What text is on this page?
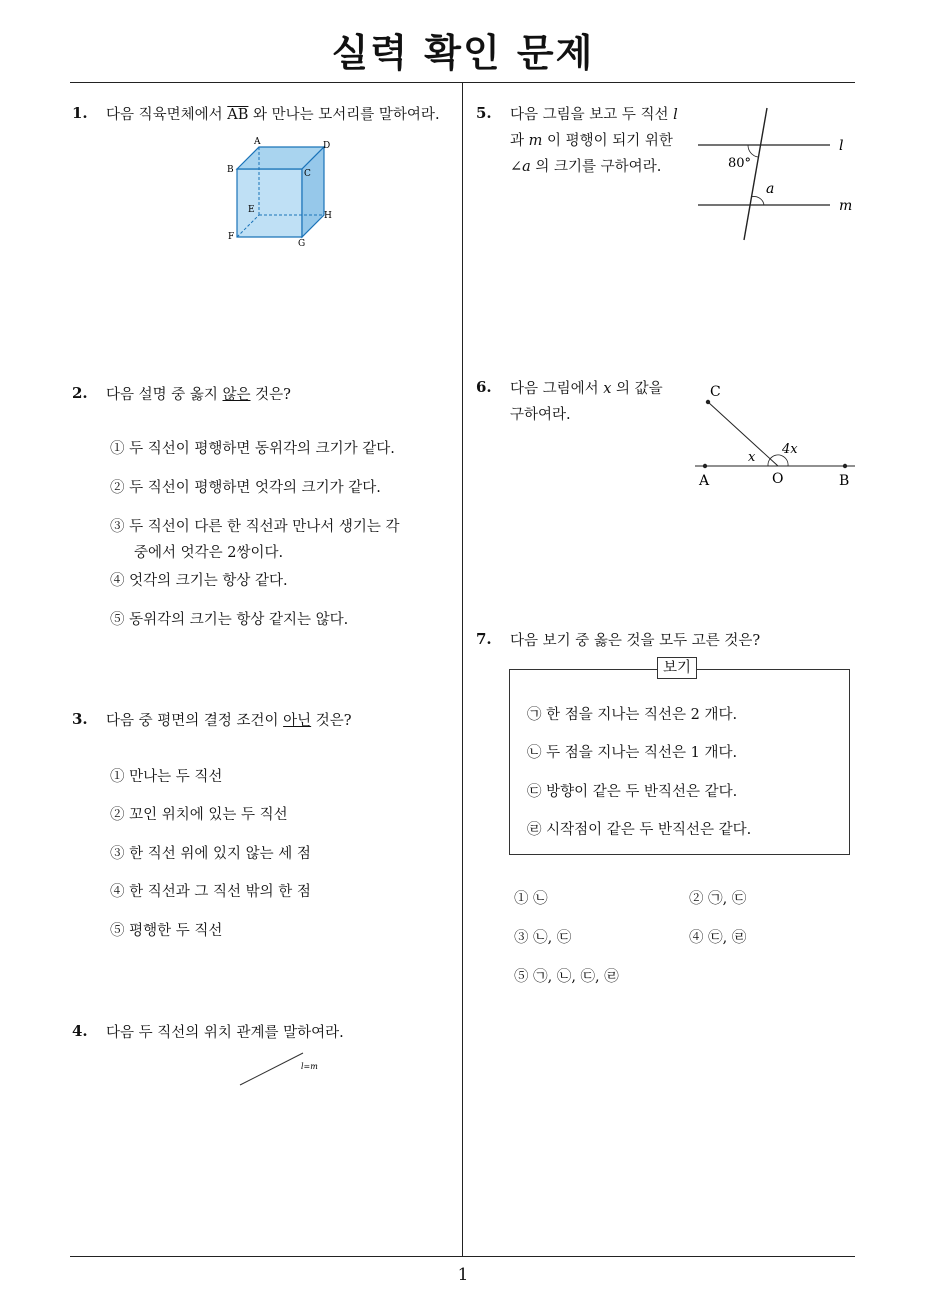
실력 확인 문제
1. 다음 직육면체에서 $\overline{AB}$ 와 만나는 모서리를 말하여라.
A
B	C
D
E
F
G
H
2. 다음 설명 중 옳지 않은 것은?
① 두 직선이 평행하면 동위각의 크기가 같다.
② 두 직선이 평행하면 엇각의 크기가 같다.
③ 두 직선이 다른 한 직선과 만나서 생기는 각
중에서 엇각은 2쌍이다.
④ 엇각의 크기는 항상 같다.
⑤ 동위각의 크기는 항상 같지는 않다.
3. 다음 중 평면의 결정 조건이 아닌 것은?
① 만나는 두 직선
② 꼬인 위치에 있는 두 직선
③ 한 직선 위에 있지 않는 세 점
④ 한 직선과 그 직선 밖의 한 점
⑤ 평행한 두 직선
4. 다음 두 직선의 위치 관계를 말하여라.
l=m
5. 다음 그림을 보고 두 직선 l
과 m 이 평행이 되기 위한
∠a 의 크기를 구하여라.	80°
a
l
m
6. 다음 그림에서 x 의 값을
구하여라.
C
A	O	B
x
4x
7. 다음 보기 중 옳은 것을 모두 고른 것은?
보기
㉠ 한 점을 지나는 직선은 2 개다.
㉡ 두 점을 지나는 직선은 1 개다.
㉢ 방향이 같은 두 반직선은 같다.
㉣ 시작점이 같은 두 반직선은 같다.
① ㉡	② ㉠, ㉢
③ ㉡, ㉢	④ ㉢, ㉣
⑤ ㉠, ㉡, ㉢, ㉣
1
